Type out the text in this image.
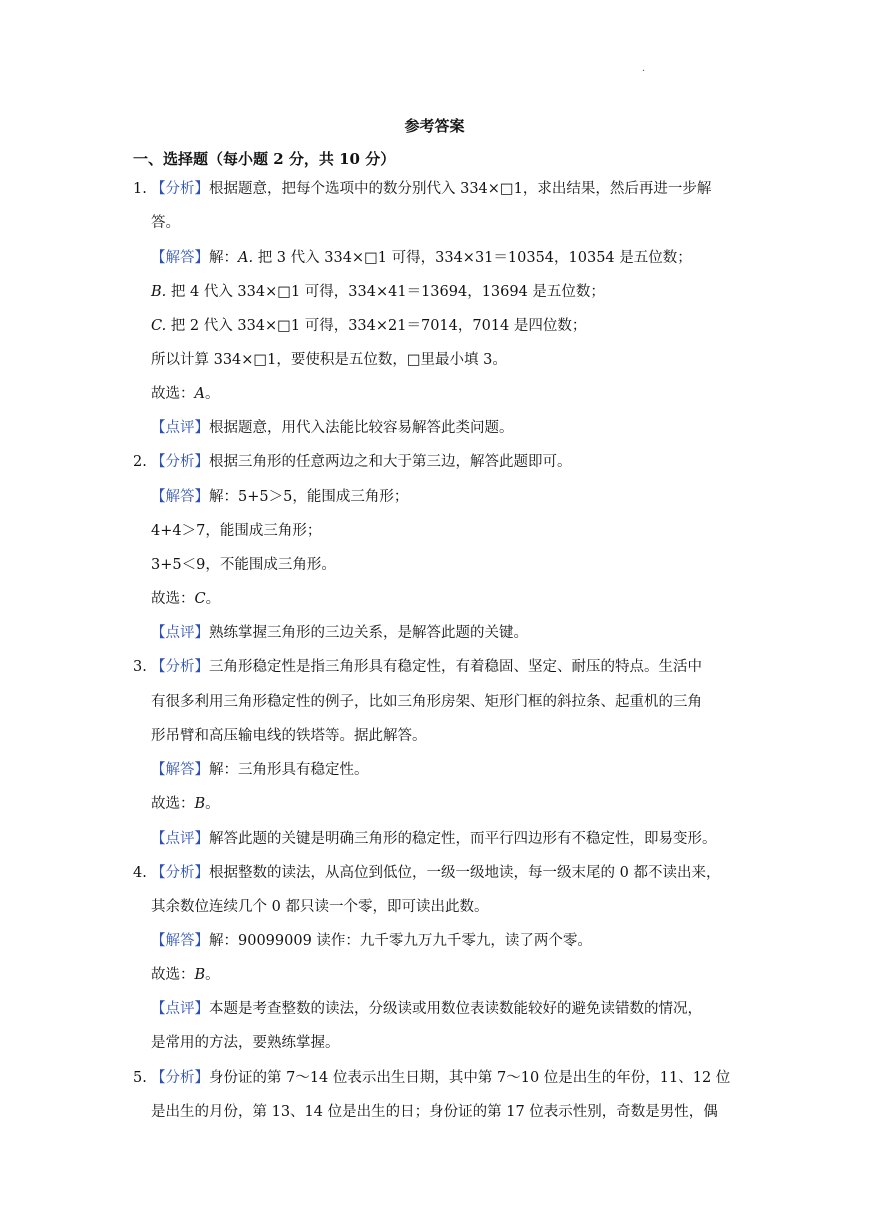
·
参考答案
一、选择题（每小题 2 分，共 10 分）
1. 【分析】根据题意，把每个选项中的数分别代入 334×□1，求出结果，然后再进一步解
答。
【解答】解：A. 把 3 代入 334×□1 可得，334×31＝10354，10354 是五位数；
B. 把 4 代入 334×□1 可得，334×41＝13694，13694 是五位数；
C. 把 2 代入 334×□1 可得，334×21＝7014，7014 是四位数；
所以计算 334×□1，要使积是五位数，□里最小填 3。
故选：A。
【点评】根据题意，用代入法能比较容易解答此类问题。
2. 【分析】根据三角形的任意两边之和大于第三边，解答此题即可。
【解答】解：5+5＞5，能围成三角形；
4+4＞7，能围成三角形；
3+5＜9，不能围成三角形。
故选：C。
【点评】熟练掌握三角形的三边关系，是解答此题的关键。
3. 【分析】三角形稳定性是指三角形具有稳定性，有着稳固、坚定、耐压的特点。生活中
有很多利用三角形稳定性的例子，比如三角形房架、矩形门框的斜拉条、起重机的三角
形吊臂和高压输电线的铁塔等。据此解答。
【解答】解：三角形具有稳定性。
故选：B。
【点评】解答此题的关键是明确三角形的稳定性，而平行四边形有不稳定性，即易变形。
4. 【分析】根据整数的读法，从高位到低位，一级一级地读，每一级末尾的 0 都不读出来，
其余数位连续几个 0 都只读一个零，即可读出此数。
【解答】解：90099009 读作：九千零九万九千零九，读了两个零。
故选：B。
【点评】本题是考查整数的读法，分级读或用数位表读数能较好的避免读错数的情况，
是常用的方法，要熟练掌握。
5. 【分析】身份证的第 7～14 位表示出生日期，其中第 7～10 位是出生的年份，11、12 位
是出生的月份，第 13、14 位是出生的日；身份证的第 17 位表示性别，奇数是男性，偶
